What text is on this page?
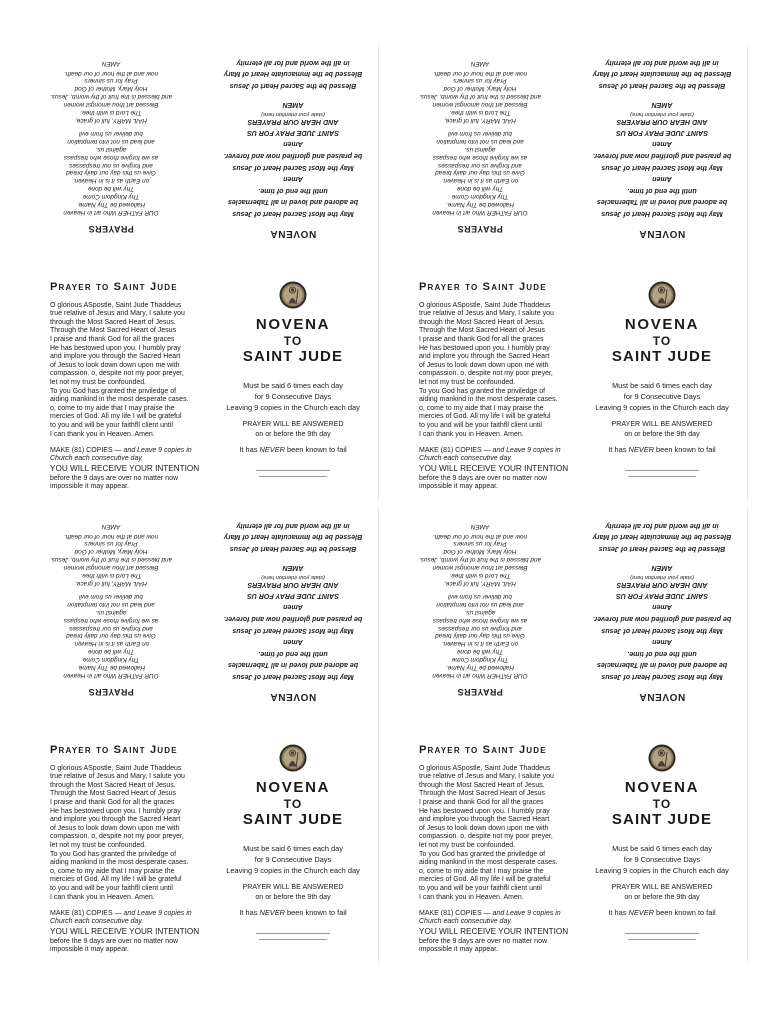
NOVENA
May the Most Sacred Heart of Jesus
be adored and loved in all Tabernacles
until the end of time.
Amen
May the Most Sacred Heart of Jesus
be praised and glorified now and forever.
Amen
SAINT JUDE PRAY FOR US
AND HEAR OUR PRAYERS
(state your intention here)
AMEN
Blessed be the Sacred Heart of Jesus
Blessed be the Immaculate Heart of Mary
in all the world and for all eternity
PRAYERS
OUR FATHER Who art in Heaven
Hallowed be Thy Name.
Thy Kingdom Come
Thy will be done
on Earth as it is in Heaven.
Give us this day our daily bread
and forgive us our trespasses
as we forgive those who trespass
against us.
and lead us not into temptation
but deliver us from evil
HAIL MARY, full of grace,
The Lord is with thee.
Blessed art thou amongst women
and blessed is the fruit of thy womb, Jesus.
Holy Mary, Mother of God
Pray for us sinners
now and at the hour of our death.
AMEN
Prayer to Saint Jude
O glorious ASpostle, Saint Jude Thaddeus
true relative of Jesus and Mary, I salute you
through the Most Sacred Heart of Jesus.
Through the Most Sacred Heart of Jesus
I praise and thank God for all the graces
He has bestowed upon you. I humbly pray
and implore you through the Sacred Heart
of Jesus to look down down upon me with
compassion. o, despite not my poor preyer,
let not my trust be confounded.
To you God has granted the priviledge of
aiding mankind in the most desperate cases.
o, come to my aide that I may praise the
mercies of God. All my life I will be grateful
to you and will be your faithfll client until
I can thank you in Heaven. Amen.
MAKE (81) COPIES — and Leave 9 copies in
Church each consecutive day.
YOU WILL RECEIVE YOUR INTENTION
before the 9 days are over no matter now
impossible it may appear.
NOVENA
TO
SAINT JUDE
Must be said 6 times each day
for 9 Consecutive Days
Leaving 9 copies in the Church each day
PRAYER WILL BE ANSWERED
on or before the 9th day
It has NEVER been known to fail
NOVENA
May the Most Sacred Heart of Jesus
be adored and loved in all Tabernacles
until the end of time.
Amen
May the Most Sacred Heart of Jesus
be praised and glorified now and forever.
Amen
SAINT JUDE PRAY FOR US
AND HEAR OUR PRAYERS
(state your intention here)
AMEN
Blessed be the Sacred Heart of Jesus
Blessed be the Immaculate Heart of Mary
in all the world and for all eternity
PRAYERS
OUR FATHER Who art in Heaven
Hallowed be Thy Name.
Thy Kingdom Come
Thy will be done
on Earth as it is in Heaven.
Give us this day our daily bread
and forgive us our trespasses
as we forgive those who trespass
against us.
and lead us not into temptation
but deliver us from evil
HAIL MARY, full of grace,
The Lord is with thee.
Blessed art thou amongst women
and blessed is the fruit of thy womb, Jesus.
Holy Mary, Mother of God
Pray for us sinners
now and at the hour of our death.
AMEN
Prayer to Saint Jude
O glorious ASpostle, Saint Jude Thaddeus
true relative of Jesus and Mary, I salute you
through the Most Sacred Heart of Jesus.
Through the Most Sacred Heart of Jesus
I praise and thank God for all the graces
He has bestowed upon you. I humbly pray
and implore you through the Sacred Heart
of Jesus to look down down upon me with
compassion. o, despite not my poor preyer,
let not my trust be confounded.
To you God has granted the priviledge of
aiding mankind in the most desperate cases.
o, come to my aide that I may praise the
mercies of God. All my life I will be grateful
to you and will be your faithfll client until
I can thank you in Heaven. Amen.
MAKE (81) COPIES — and Leave 9 copies in
Church each consecutive day.
YOU WILL RECEIVE YOUR INTENTION
before the 9 days are over no matter now
impossible it may appear.
NOVENA
TO
SAINT JUDE
Must be said 6 times each day
for 9 Consecutive Days
Leaving 9 copies in the Church each day
PRAYER WILL BE ANSWERED
on or before the 9th day
It has NEVER been known to fail
NOVENA
May the Most Sacred Heart of Jesus
be adored and loved in all Tabernacles
until the end of time.
Amen
May the Most Sacred Heart of Jesus
be praised and glorified now and forever.
Amen
SAINT JUDE PRAY FOR US
AND HEAR OUR PRAYERS
(state your intention here)
AMEN
Blessed be the Sacred Heart of Jesus
Blessed be the Immaculate Heart of Mary
in all the world and for all eternity
PRAYERS
OUR FATHER Who art in Heaven
Hallowed be Thy Name.
Thy Kingdom Come
Thy will be done
on Earth as it is in Heaven.
Give us this day our daily bread
and forgive us our trespasses
as we forgive those who trespass
against us.
and lead us not into temptation
but deliver us from evil
HAIL MARY, full of grace,
The Lord is with thee.
Blessed art thou amongst women
and blessed is the fruit of thy womb, Jesus.
Holy Mary, Mother of God
Pray for us sinners
now and at the hour of our death.
AMEN
Prayer to Saint Jude
O glorious ASpostle, Saint Jude Thaddeus
true relative of Jesus and Mary, I salute you
through the Most Sacred Heart of Jesus.
Through the Most Sacred Heart of Jesus
I praise and thank God for all the graces
He has bestowed upon you. I humbly pray
and implore you through the Sacred Heart
of Jesus to look down down upon me with
compassion. o, despite not my poor preyer,
let not my trust be confounded.
To you God has granted the priviledge of
aiding mankind in the most desperate cases.
o, come to my aide that I may praise the
mercies of God. All my life I will be grateful
to you and will be your faithfll client until
I can thank you in Heaven. Amen.
MAKE (81) COPIES — and Leave 9 copies in
Church each consecutive day.
YOU WILL RECEIVE YOUR INTENTION
before the 9 days are over no matter now
impossible it may appear.
NOVENA
TO
SAINT JUDE
Must be said 6 times each day
for 9 Consecutive Days
Leaving 9 copies in the Church each day
PRAYER WILL BE ANSWERED
on or before the 9th day
It has NEVER been known to fail
NOVENA
May the Most Sacred Heart of Jesus
be adored and loved in all Tabernacles
until the end of time.
Amen
May the Most Sacred Heart of Jesus
be praised and glorified now and forever.
Amen
SAINT JUDE PRAY FOR US
AND HEAR OUR PRAYERS
(state your intention here)
AMEN
Blessed be the Sacred Heart of Jesus
Blessed be the Immaculate Heart of Mary
in all the world and for all eternity
PRAYERS
OUR FATHER Who art in Heaven
Hallowed be Thy Name.
Thy Kingdom Come
Thy will be done
on Earth as it is in Heaven.
Give us this day our daily bread
and forgive us our trespasses
as we forgive those who trespass
against us.
and lead us not into temptation
but deliver us from evil
HAIL MARY, full of grace,
The Lord is with thee.
Blessed art thou amongst women
and blessed is the fruit of thy womb, Jesus.
Holy Mary, Mother of God
Pray for us sinners
now and at the hour of our death.
AMEN
Prayer to Saint Jude
O glorious ASpostle, Saint Jude Thaddeus
true relative of Jesus and Mary, I salute you
through the Most Sacred Heart of Jesus.
Through the Most Sacred Heart of Jesus
I praise and thank God for all the graces
He has bestowed upon you. I humbly pray
and implore you through the Sacred Heart
of Jesus to look down down upon me with
compassion. o, despite not my poor preyer,
let not my trust be confounded.
To you God has granted the priviledge of
aiding mankind in the most desperate cases.
o, come to my aide that I may praise the
mercies of God. All my life I will be grateful
to you and will be your faithfll client until
I can thank you in Heaven. Amen.
MAKE (81) COPIES — and Leave 9 copies in
Church each consecutive day.
YOU WILL RECEIVE YOUR INTENTION
before the 9 days are over no matter now
impossible it may appear.
NOVENA
TO
SAINT JUDE
Must be said 6 times each day
for 9 Consecutive Days
Leaving 9 copies in the Church each day
PRAYER WILL BE ANSWERED
on or before the 9th day
It has NEVER been known to fail
